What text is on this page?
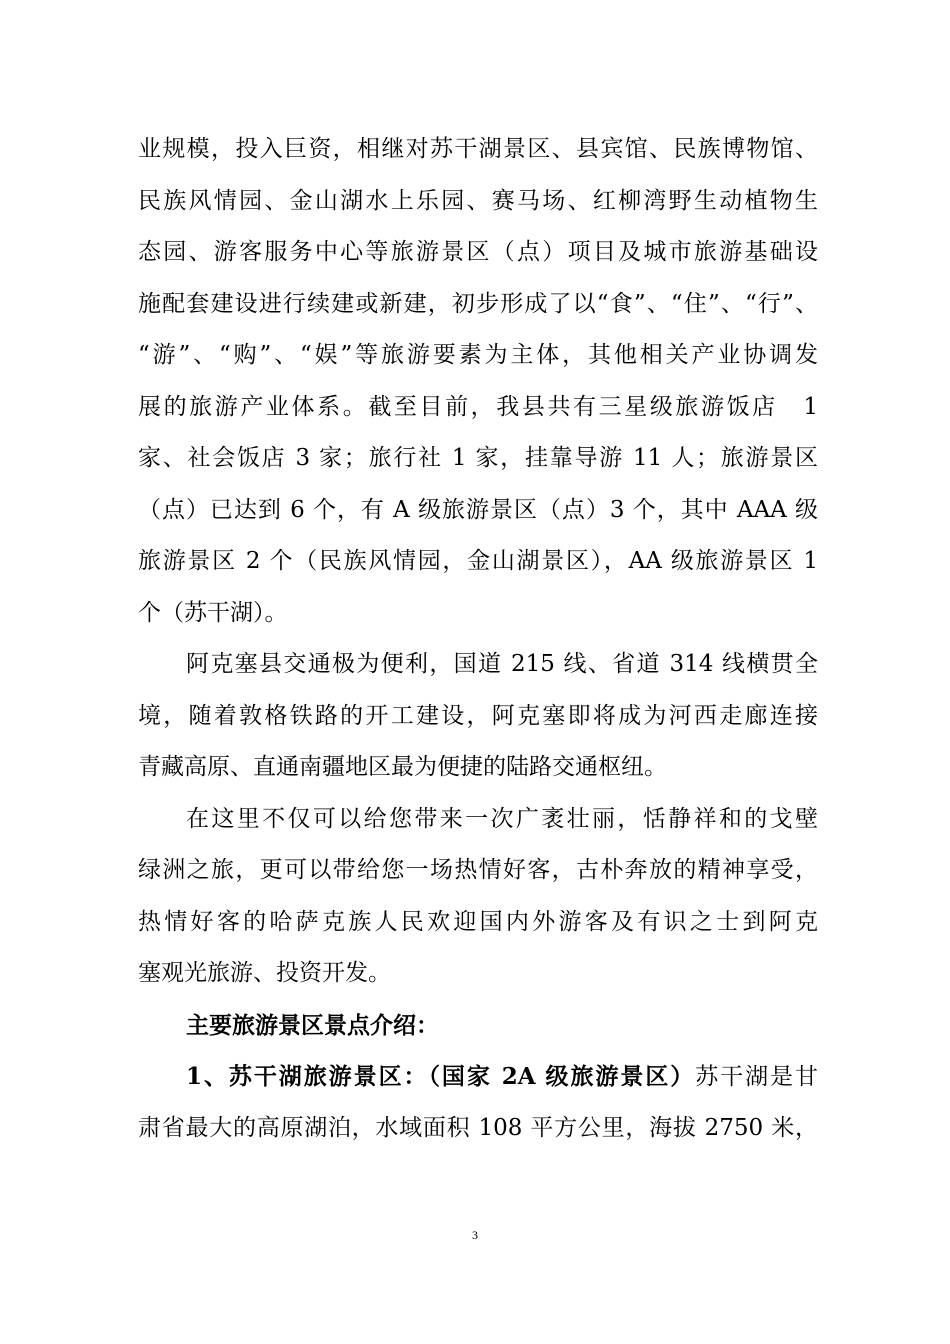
业规模，投入巨资，相继对苏干湖景区、县宾馆、民族博物馆、
民族风情园、金山湖水上乐园、赛马场、红柳湾野生动植物生
态园、游客服务中心等旅游景区（点）项目及城市旅游基础设
施配套建设进行续建或新建，初步形成了以“食”、“住”、“行”、
“游”、“购”、“娱”等旅游要素为主体，其他相关产业协调发
展的旅游产业体系。截至目前，我县共有三星级旅游饭店　1
家、社会饭店 3 家；旅行社 1 家，挂靠导游 11 人；旅游景区
（点）已达到 6 个，有 A 级旅游景区（点）3 个，其中 AAA 级
旅游景区 2 个（民族风情园，金山湖景区），AA 级旅游景区 1
个（苏干湖）。
阿克塞县交通极为便利，国道 215 线、省道 314 线横贯全
境，随着敦格铁路的开工建设，阿克塞即将成为河西走廊连接
青藏高原、直通南疆地区最为便捷的陆路交通枢纽。
在这里不仅可以给您带来一次广袤壮丽，恬静祥和的戈壁
绿洲之旅，更可以带给您一场热情好客，古朴奔放的精神享受，
热情好客的哈萨克族人民欢迎国内外游客及有识之士到阿克
塞观光旅游、投资开发。
主要旅游景区景点介绍：
1、苏干湖旅游景区：（国家 2A 级旅游景区）苏干湖是甘
肃省最大的高原湖泊，水域面积 108 平方公里，海拔 2750 米，
3
